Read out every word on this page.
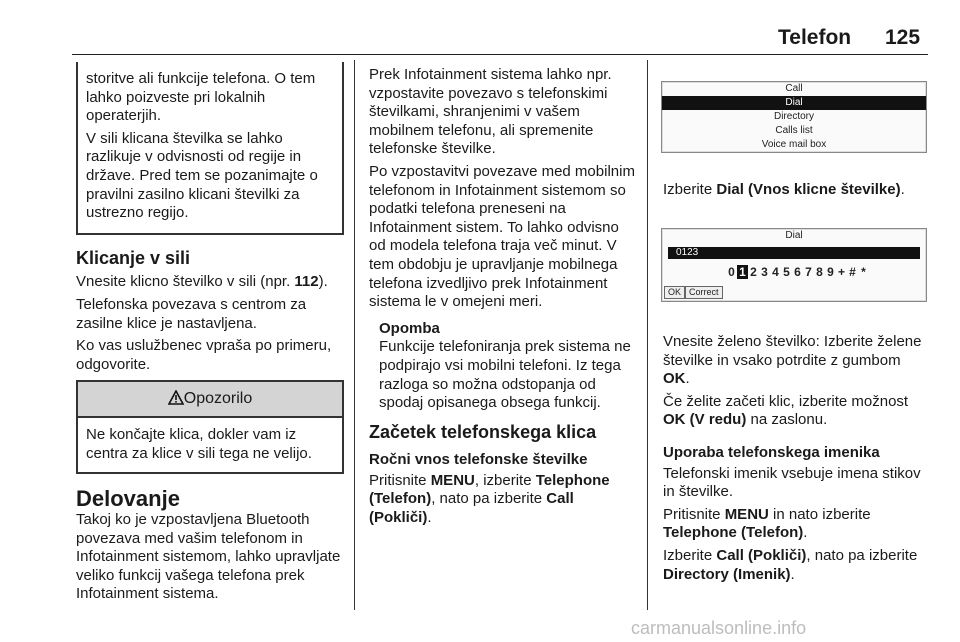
Telefon 125

storitve ali funkcije telefona. O tem lahko poizveste pri lokalnih operaterjih.

V sili klicana številka se lahko razlikuje v odvisnosti od regije in države. Pred tem se pozanimajte o pravilni zasilno klicani številki za ustrezno regijo.

Klicanje v sili

Vnesite klicno številko v sili (npr. 112).

Telefonska povezava s centrom za zasilne klice je nastavljena.

Ko vas uslužbenec vpraša po primeru, odgovorite.

Opozorilo
Ne končajte klica, dokler vam iz centra za klice v sili tega ne velijo.
Delovanje

Takoj ko je vzpostavljena Bluetooth povezava med vašim telefonom in Infotainment sistemom, lahko upravljate veliko funkcij vašega telefona prek Infotainment sistema.

Prek Infotainment sistema lahko npr. vzpostavite povezavo s telefonskimi številkami, shranjenimi v vašem mobilnem telefonu, ali spremenite telefonske številke.

Po vzpostavitvi povezave med mobilnim telefonom in Infotainment sistemom so podatki telefona preneseni na Infotainment sistem. To lahko odvisno od modela telefona traja več minut. V tem obdobju je upravljanje mobilnega telefona izvedljivo prek Infotainment sistema le v omejeni meri.

Opomba
Funkcije telefoniranja prek sistema ne podpirajo vsi mobilni telefoni. Iz tega razloga so možna odstopanja od spodaj opisanega obsega funkcij.
Začetek telefonskega klica
Ročni vnos telefonske številke

Pritisnite MENU, izberite Telephone (Telefon), nato pa izberite Call (Pokliči).

Call
Dial
Directory
Calls list
Voice mail box

Izberite Dial (Vnos klicne številke).

Dial
0123
0 1 2 3 4 5 6 7 8 9 + # *
OK Correct

Vnesite želeno številko: Izberite želene številke in vsako potrdite z gumbom OK.

Če želite začeti klic, izberite možnost OK (V redu) na zaslonu.

Uporaba telefonskega imenika

Telefonski imenik vsebuje imena stikov in številke.

Pritisnite MENU in nato izberite Telephone (Telefon).

Izberite Call (Pokliči), nato pa izberite Directory (Imenik).

carmanualsonline.info
